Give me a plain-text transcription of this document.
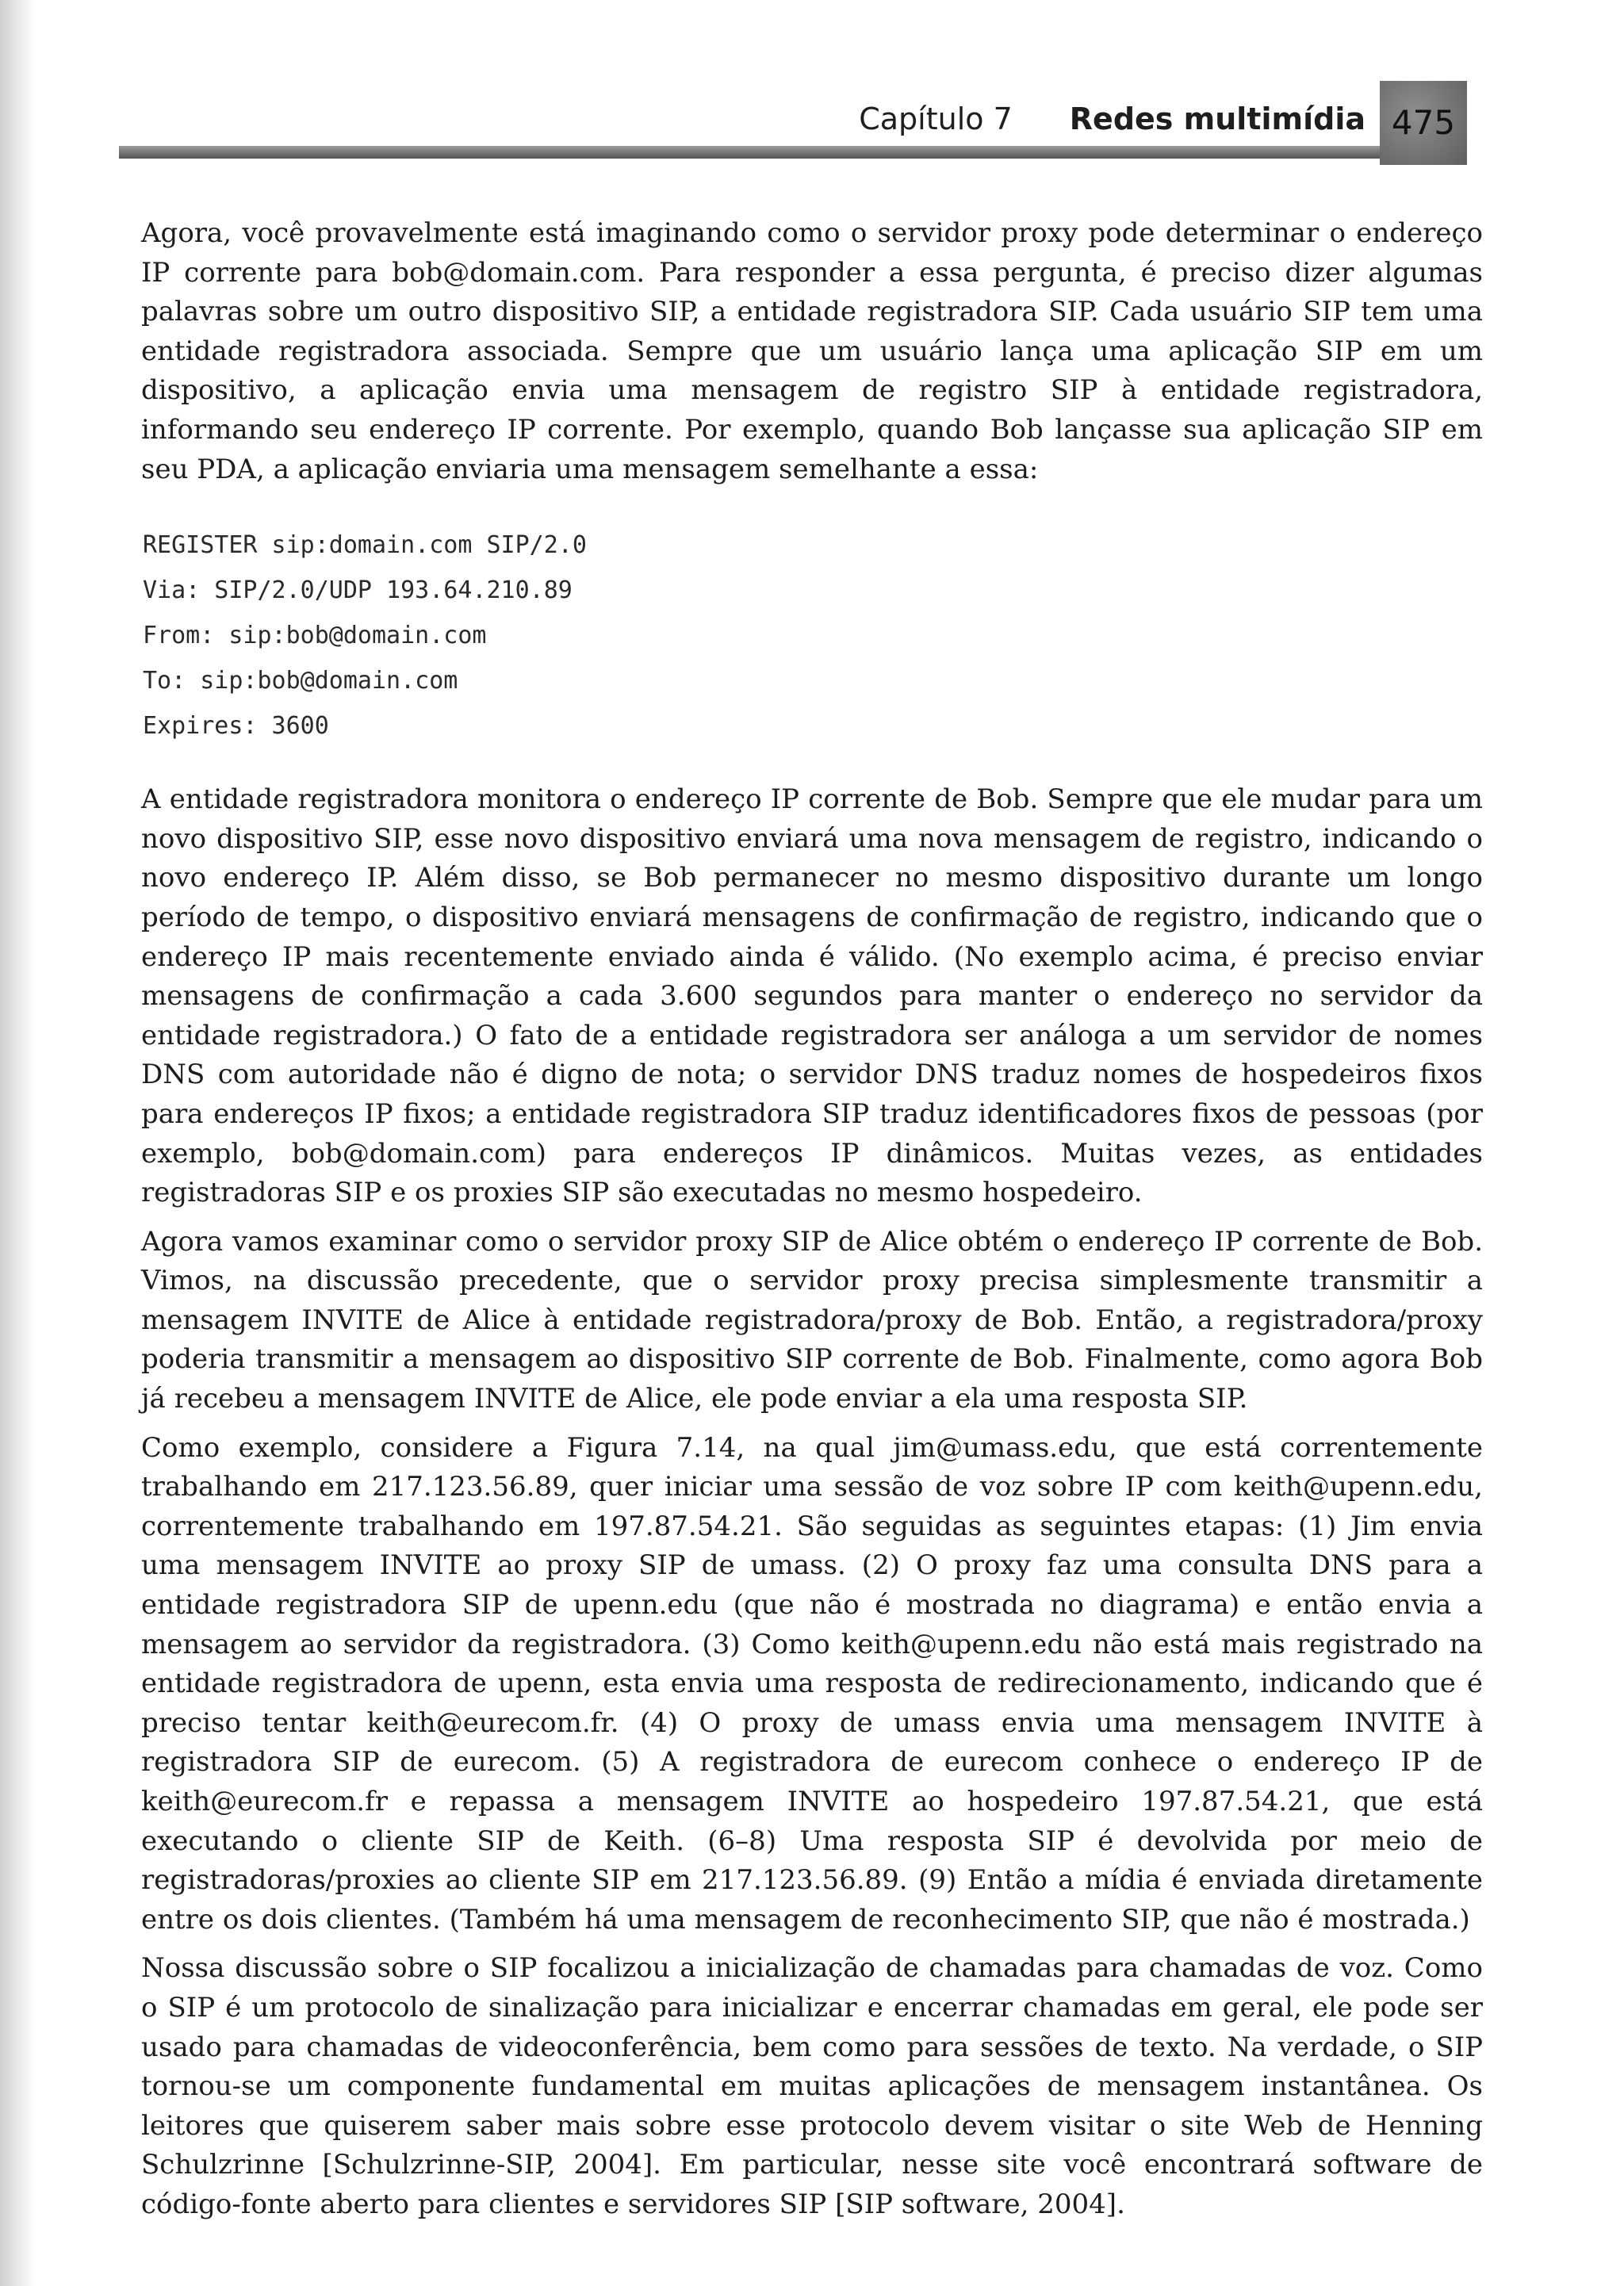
Capítulo 7 Redes multimídia 475

Agora, você provavelmente está imaginando como o servidor proxy pode determinar o endereço IP corrente para bob@domain.com. Para responder a essa pergunta, é preciso dizer algumas palavras sobre um outro dispositivo SIP, a entidade registradora SIP. Cada usuário SIP tem uma entidade registradora associada. Sempre que um usuário lança uma aplicação SIP em um dispositivo, a aplicação envia uma mensagem de registro SIP à entidade registradora, informando seu endereço IP corrente. Por exemplo, quando Bob lançasse sua aplicação SIP em seu PDA, a aplicação enviaria uma mensagem semelhante a essa:

REGISTER sip:domain.com SIP/2.0
Via: SIP/2.0/UDP 193.64.210.89
From: sip:bob@domain.com
To: sip:bob@domain.com
Expires: 3600

A entidade registradora monitora o endereço IP corrente de Bob. Sempre que ele mudar para um novo dispositivo SIP, esse novo dispositivo enviará uma nova mensagem de registro, indicando o novo endereço IP. Além disso, se Bob permanecer no mesmo dispositivo durante um longo período de tempo, o dispositivo enviará mensagens de confirmação de registro, indicando que o endereço IP mais recentemente enviado ainda é válido. (No exemplo acima, é preciso enviar mensagens de confirmação a cada 3.600 segundos para manter o endereço no servidor da entidade registradora.) O fato de a entidade registradora ser análoga a um servidor de nomes DNS com autoridade não é digno de nota; o servidor DNS traduz nomes de hospedeiros fixos para endereços IP fixos; a entidade registradora SIP traduz identificadores fixos de pessoas (por exemplo, bob@domain.com) para endereços IP dinâmicos. Muitas vezes, as entidades registradoras SIP e os proxies SIP são executadas no mesmo hospedeiro.

Agora vamos examinar como o servidor proxy SIP de Alice obtém o endereço IP corrente de Bob. Vimos, na discussão precedente, que o servidor proxy precisa simplesmente transmitir a mensagem INVITE de Alice à entidade registradora/proxy de Bob. Então, a registradora/proxy poderia transmitir a mensagem ao dispositivo SIP corrente de Bob. Finalmente, como agora Bob já recebeu a mensagem INVITE de Alice, ele pode enviar a ela uma resposta SIP.

Como exemplo, considere a Figura 7.14, na qual jim@umass.edu, que está correntemente trabalhando em 217.123.56.89, quer iniciar uma sessão de voz sobre IP com keith@upenn.edu, correntemente trabalhando em 197.87.54.21. São seguidas as seguintes etapas: (1) Jim envia uma mensagem INVITE ao proxy SIP de umass. (2) O proxy faz uma consulta DNS para a entidade registradora SIP de upenn.edu (que não é mostrada no diagrama) e então envia a mensagem ao servidor da registradora. (3) Como keith@upenn.edu não está mais registrado na entidade registradora de upenn, esta envia uma resposta de redirecionamento, indicando que é preciso tentar keith@eurecom.fr. (4) O proxy de umass envia uma mensagem INVITE à registradora SIP de eurecom. (5) A registradora de eurecom conhece o endereço IP de keith@eurecom.fr e repassa a mensagem INVITE ao hospedeiro 197.87.54.21, que está executando o cliente SIP de Keith. (6–8) Uma resposta SIP é devolvida por meio de registradoras/proxies ao cliente SIP em 217.123.56.89. (9) Então a mídia é enviada diretamente entre os dois clientes. (Também há uma mensagem de reconhecimento SIP, que não é mostrada.)

Nossa discussão sobre o SIP focalizou a inicialização de chamadas para chamadas de voz. Como o SIP é um protocolo de sinalização para inicializar e encerrar chamadas em geral, ele pode ser usado para chamadas de videoconferência, bem como para sessões de texto. Na verdade, o SIP tornou-se um componente fundamental em muitas aplicações de mensagem instantânea. Os leitores que quiserem saber mais sobre esse protocolo devem visitar o site Web de Henning Schulzrinne [Schulzrinne-SIP, 2004]. Em particular, nesse site você encontrará software de código-fonte aberto para clientes e servidores SIP [SIP software, 2004].
